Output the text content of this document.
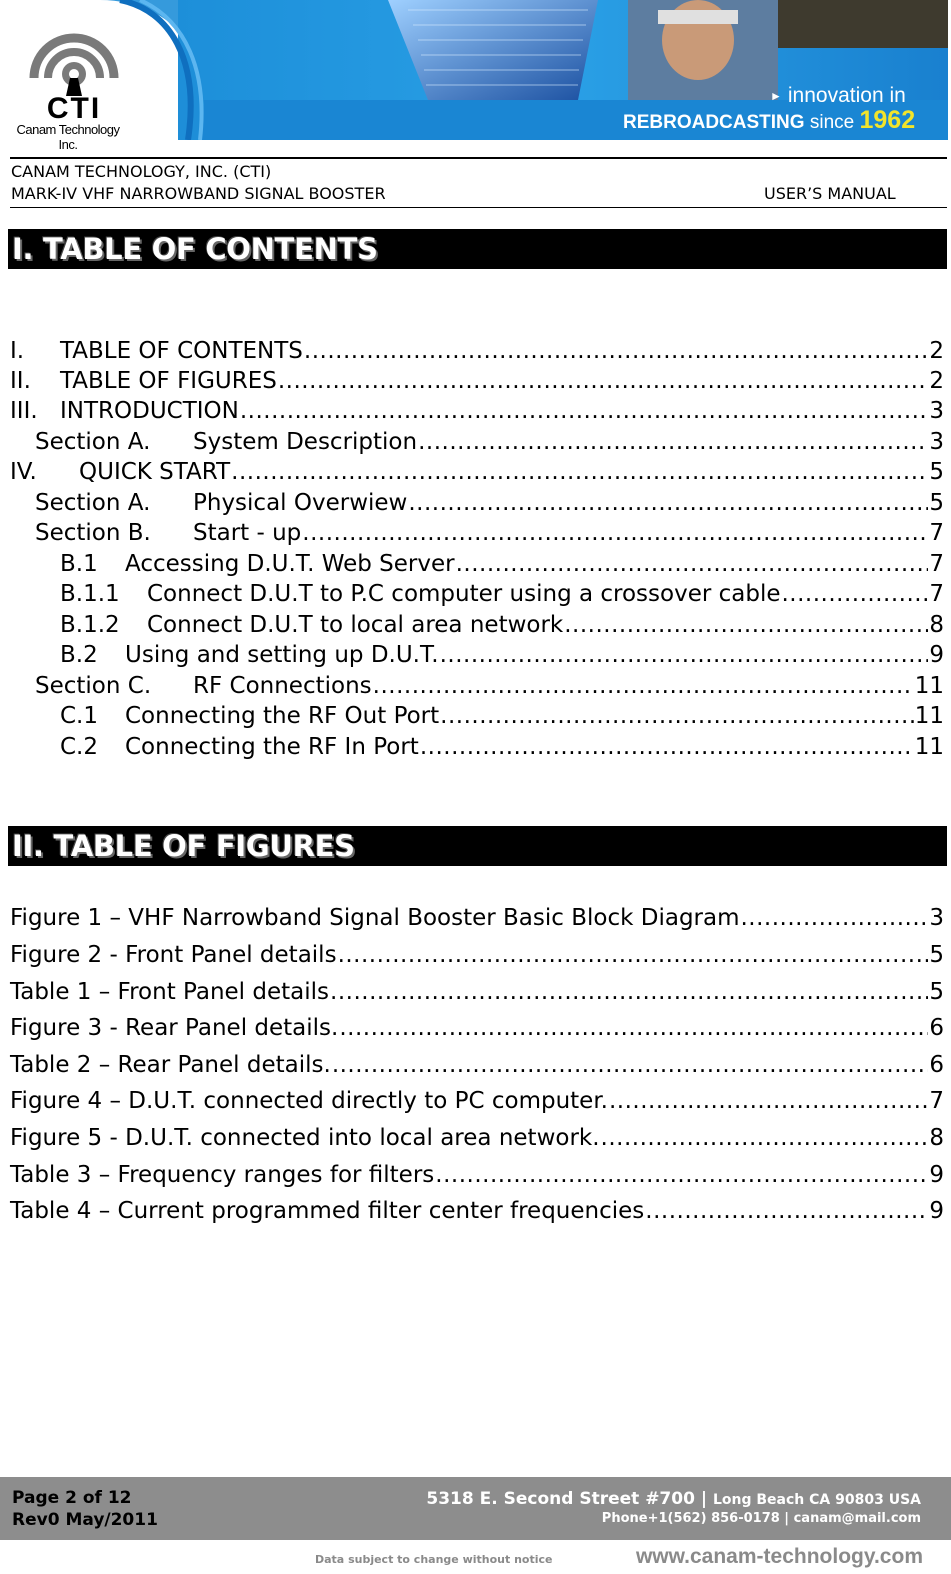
CTI
Canam Technology Inc.
► innovation in
REBROADCASTING since 1962
CANAM TECHNOLOGY, INC. (CTI)
MARK-IV VHF NARROWBAND SIGNAL BOOSTER	USER’S MANUAL
I. TABLE OF CONTENTS
I.	TABLE OF CONTENTS .....	2
II.	TABLE OF FIGURES .....	2
III. INTRODUCTION .....	3
Section A.	System Description .....	3
IV.	QUICK START .....	5
Section A.	Physical Overwiew .....	5
Section B.	Start - up .....	7
B.1	Accessing D.U.T. Web Server .....	7
B.1.1	Connect D.U.T to P.C computer using a crossover cable .....	7
B.1.2	Connect D.U.T to local area network .....	8
B.2	Using and setting up D.U.T. .....	9
Section C.	RF Connections .....	11
C.1	Connecting the RF Out Port .....	11
C.2	Connecting the RF In Port .....	11
II. TABLE OF FIGURES
Figure 1 – VHF Narrowband Signal Booster Basic Block Diagram .....	3
Figure 2 - Front Panel details .....	5
Table 1 – Front Panel details .....	5
Figure 3 - Rear Panel details. .....	6
Table 2 – Rear Panel details. .....	6
Figure 4 – D.U.T. connected directly to PC computer. .....	7
Figure 5 - D.U.T. connected into local area network. .....	8
Table 3 – Frequency ranges for filters .....	9
Table 4 – Current programmed filter center frequencies .....	9
Page 2 of 12
Rev0 May/2011
5318 E. Second Street #700 | Long Beach CA 90803 USA
Phone+1(562) 856-0178 | canam@mail.com
Data subject to change without notice	www.canam-technology.com
